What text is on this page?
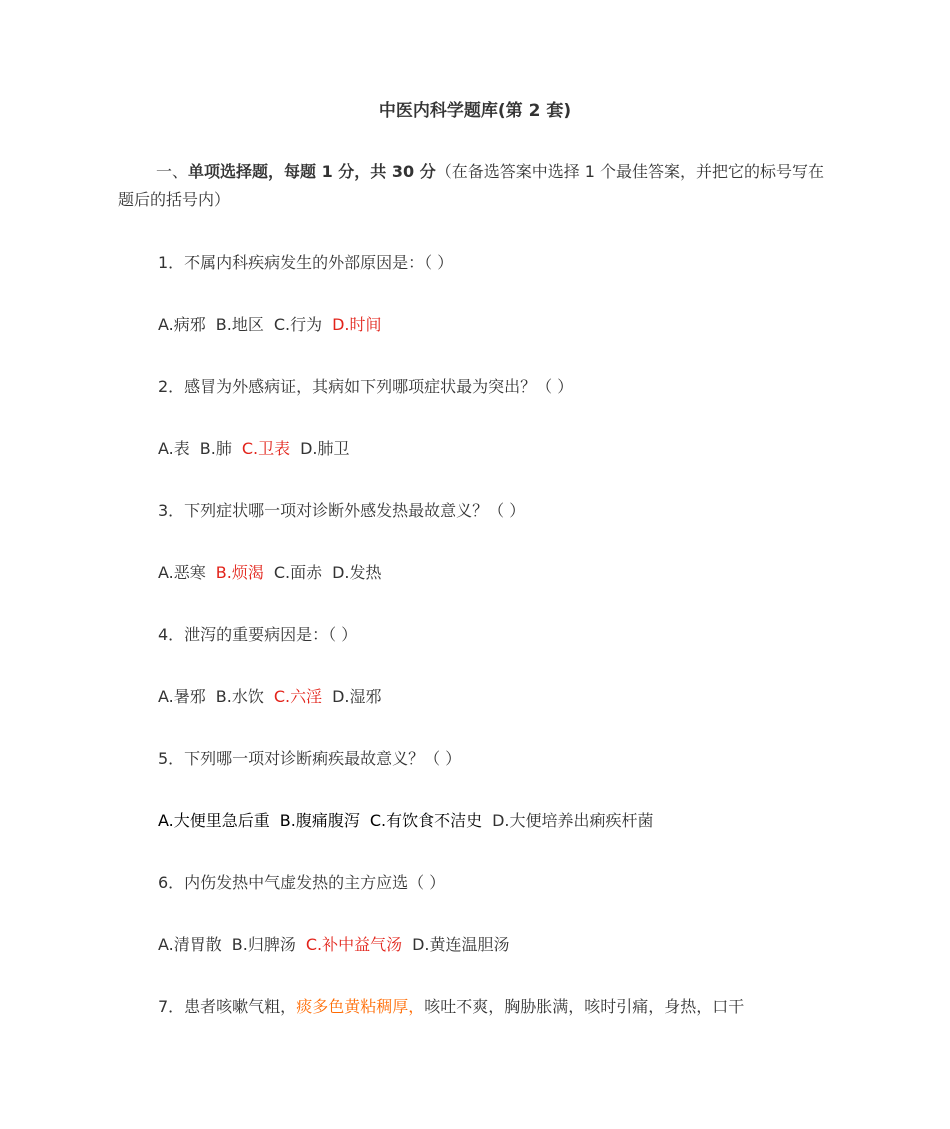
中医内科学题库(第 2 套)
一、单项选择题，每题 1 分，共 30 分（在备选答案中选择 1 个最佳答案，并把它的标号写在题后的括号内）
1．不属内科疾病发生的外部原因是：（ ）
A.病邪 B.地区 C.行为 D.时间
2．感冒为外感病证，其病如下列哪项症状最为突出？（ ）
A.表 B.肺 C.卫表 D.肺卫
3．下列症状哪一项对诊断外感发热最故意义？（ ）
A.恶寒 B.烦渴 C.面赤 D.发热
4．泄泻的重要病因是：（ ）
A.暑邪 B.水饮 C.六淫 D.湿邪
5．下列哪一项对诊断痢疾最故意义？（ ）
A.大便里急后重 B.腹痛腹泻 C.有饮食不洁史 D.大便培养出痢疾杆菌
6．内伤发热中气虚发热的主方应选（ ）
A.清胃散 B.归脾汤 C.补中益气汤 D.黄连温胆汤
7．患者咳嗽气粗，痰多色黄粘稠厚，咳吐不爽，胸胁胀满，咳时引痛，身热，口干
